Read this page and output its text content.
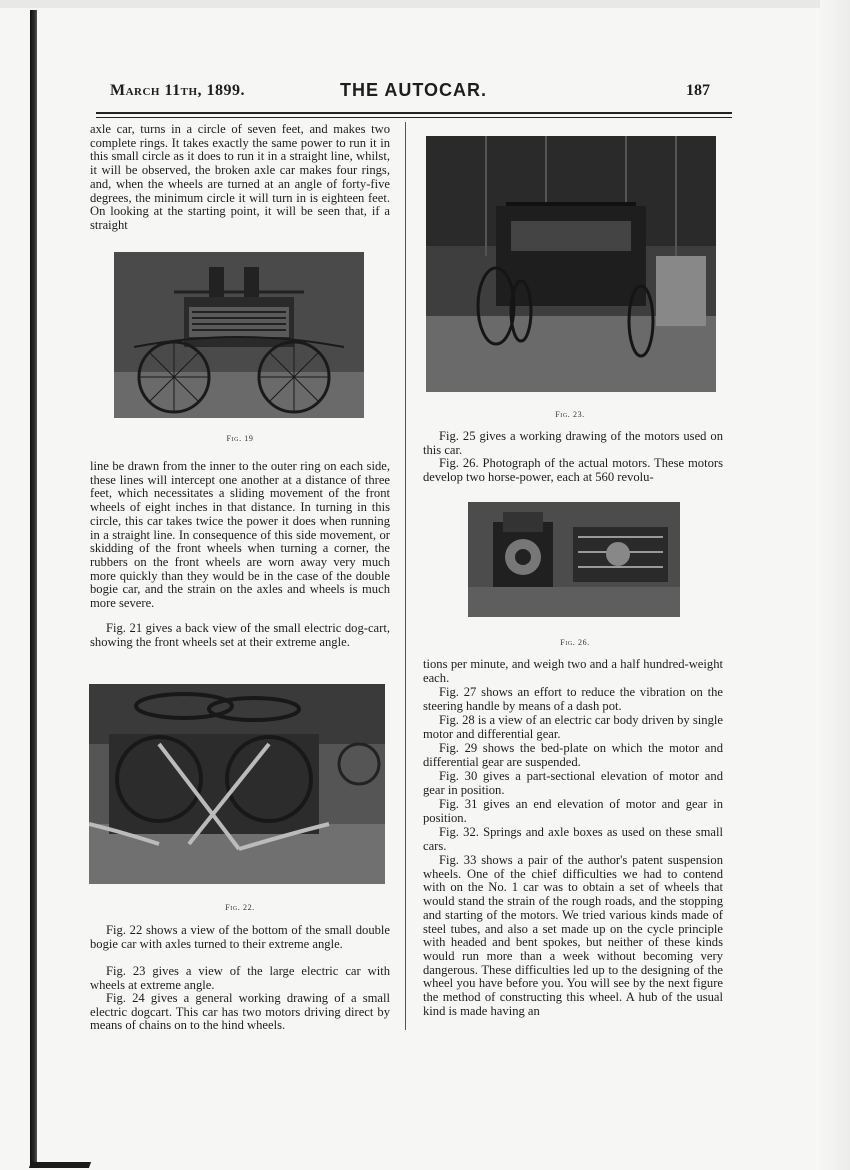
March 11th, 1899.	THE AUTOCAR.	187

axle car, turns in a circle of seven feet, and makes two complete rings. It takes exactly the same power to run it in this small circle as it does to run it in a straight line, whilst, it will be observed, the broken axle car makes four rings, and, when the wheels are turned at an angle of forty-five degrees, the minimum circle it will turn in is eighteen feet. On looking at the starting point, it will be seen that, if a straight

Fig. 19

line be drawn from the inner to the outer ring on each side, these lines will intercept one another at a distance of three feet, which necessitates a sliding movement of the front wheels of eight inches in that distance. In turning in this circle, this car takes twice the power it does when running in a straight line. In consequence of this side movement, or skidding of the front wheels when turning a corner, the rubbers on the front wheels are worn away very much more quickly than they would be in the case of the double bogie car, and the strain on the axles and wheels is much more severe.

Fig. 21 gives a back view of the small electric dog-cart, showing the front wheels set at their extreme angle.

Fig. 22.

Fig. 22 shows a view of the bottom of the small double bogie car with axles turned to their extreme angle.

Fig. 23 gives a view of the large electric car with wheels at extreme angle.

Fig. 24 gives a general working drawing of a small electric dogcart. This car has two motors driving direct by means of chains on to the hind wheels.

Fig. 23.

Fig. 25 gives a working drawing of the motors used on this car.

Fig. 26. Photograph of the actual motors. These motors develop two horse-power, each at 560 revolu-

Fig. 26.

tions per minute, and weigh two and a half hundred-weight each.

Fig. 27 shows an effort to reduce the vibration on the steering handle by means of a dash pot.

Fig. 28 is a view of an electric car body driven by single motor and differential gear.

Fig. 29 shows the bed-plate on which the motor and differential gear are suspended.

Fig. 30 gives a part-sectional elevation of motor and gear in position.

Fig. 31 gives an end elevation of motor and gear in position.

Fig. 32. Springs and axle boxes as used on these small cars.

Fig. 33 shows a pair of the author's patent suspension wheels. One of the chief difficulties we had to contend with on the No. 1 car was to obtain a set of wheels that would stand the strain of the rough roads, and the stopping and starting of the motors. We tried various kinds made of steel tubes, and also a set made up on the cycle principle with headed and bent spokes, but neither of these kinds would run more than a week without becoming very dangerous. These difficulties led up to the designing of the wheel you have before you. You will see by the next figure the method of constructing this wheel. A hub of the usual kind is made having an
